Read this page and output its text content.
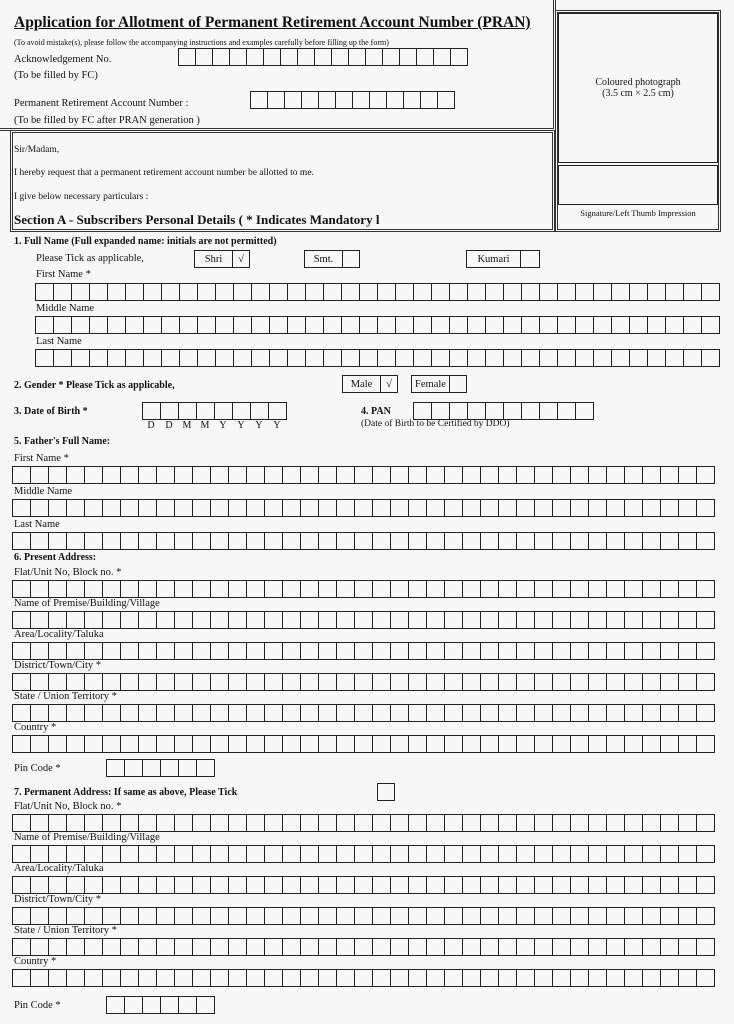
Application for Allotment of Permanent Retirement Account Number (PRAN)
(To avoid mistake(s), please follow the accompanying instructions and examples carefully before filling up the form)
Acknowledgement No.
(To be filled by FC)
Permanent Retirement Account Number :
(To be filled by FC after PRAN generation )
Coloured photograph
(3.5 cm × 2.5 cm)
Signature/Left Thumb Impression
Sir/Madam,
I hereby request that a permanent retirement account number be allotted to me.
I give below necessary particulars :
Section A - Subscribers Personal Details ( * Indicates Mandatory l
1. Full Name (Full expanded name: initials are not permitted)
Please Tick as applicable,	Shri	√	Smt.	Kumari
First Name *
Middle Name
Last Name
2. Gender * Please Tick as applicable,	Male	√	Female
3. Date of Birth *
D	D M M Y	Y	Y	Y
4. PAN
(Date of Birth to be Certified by DDO)
5. Father's Full Name:
First Name *
Middle Name
Last Name
6. Present Address:
Flat/Unit No, Block no. *
Name of Premise/Building/Village
Area/Locality/Taluka
District/Town/City *
State / Union Territory *
Country *
Pin Code *
7. Permanent Address: If same as above, Please Tick
Flat/Unit No, Block no. *
Name of Premise/Building/Village
Area/Locality/Taluka
District/Town/City *
State / Union Territory *
Country *
Pin Code *
